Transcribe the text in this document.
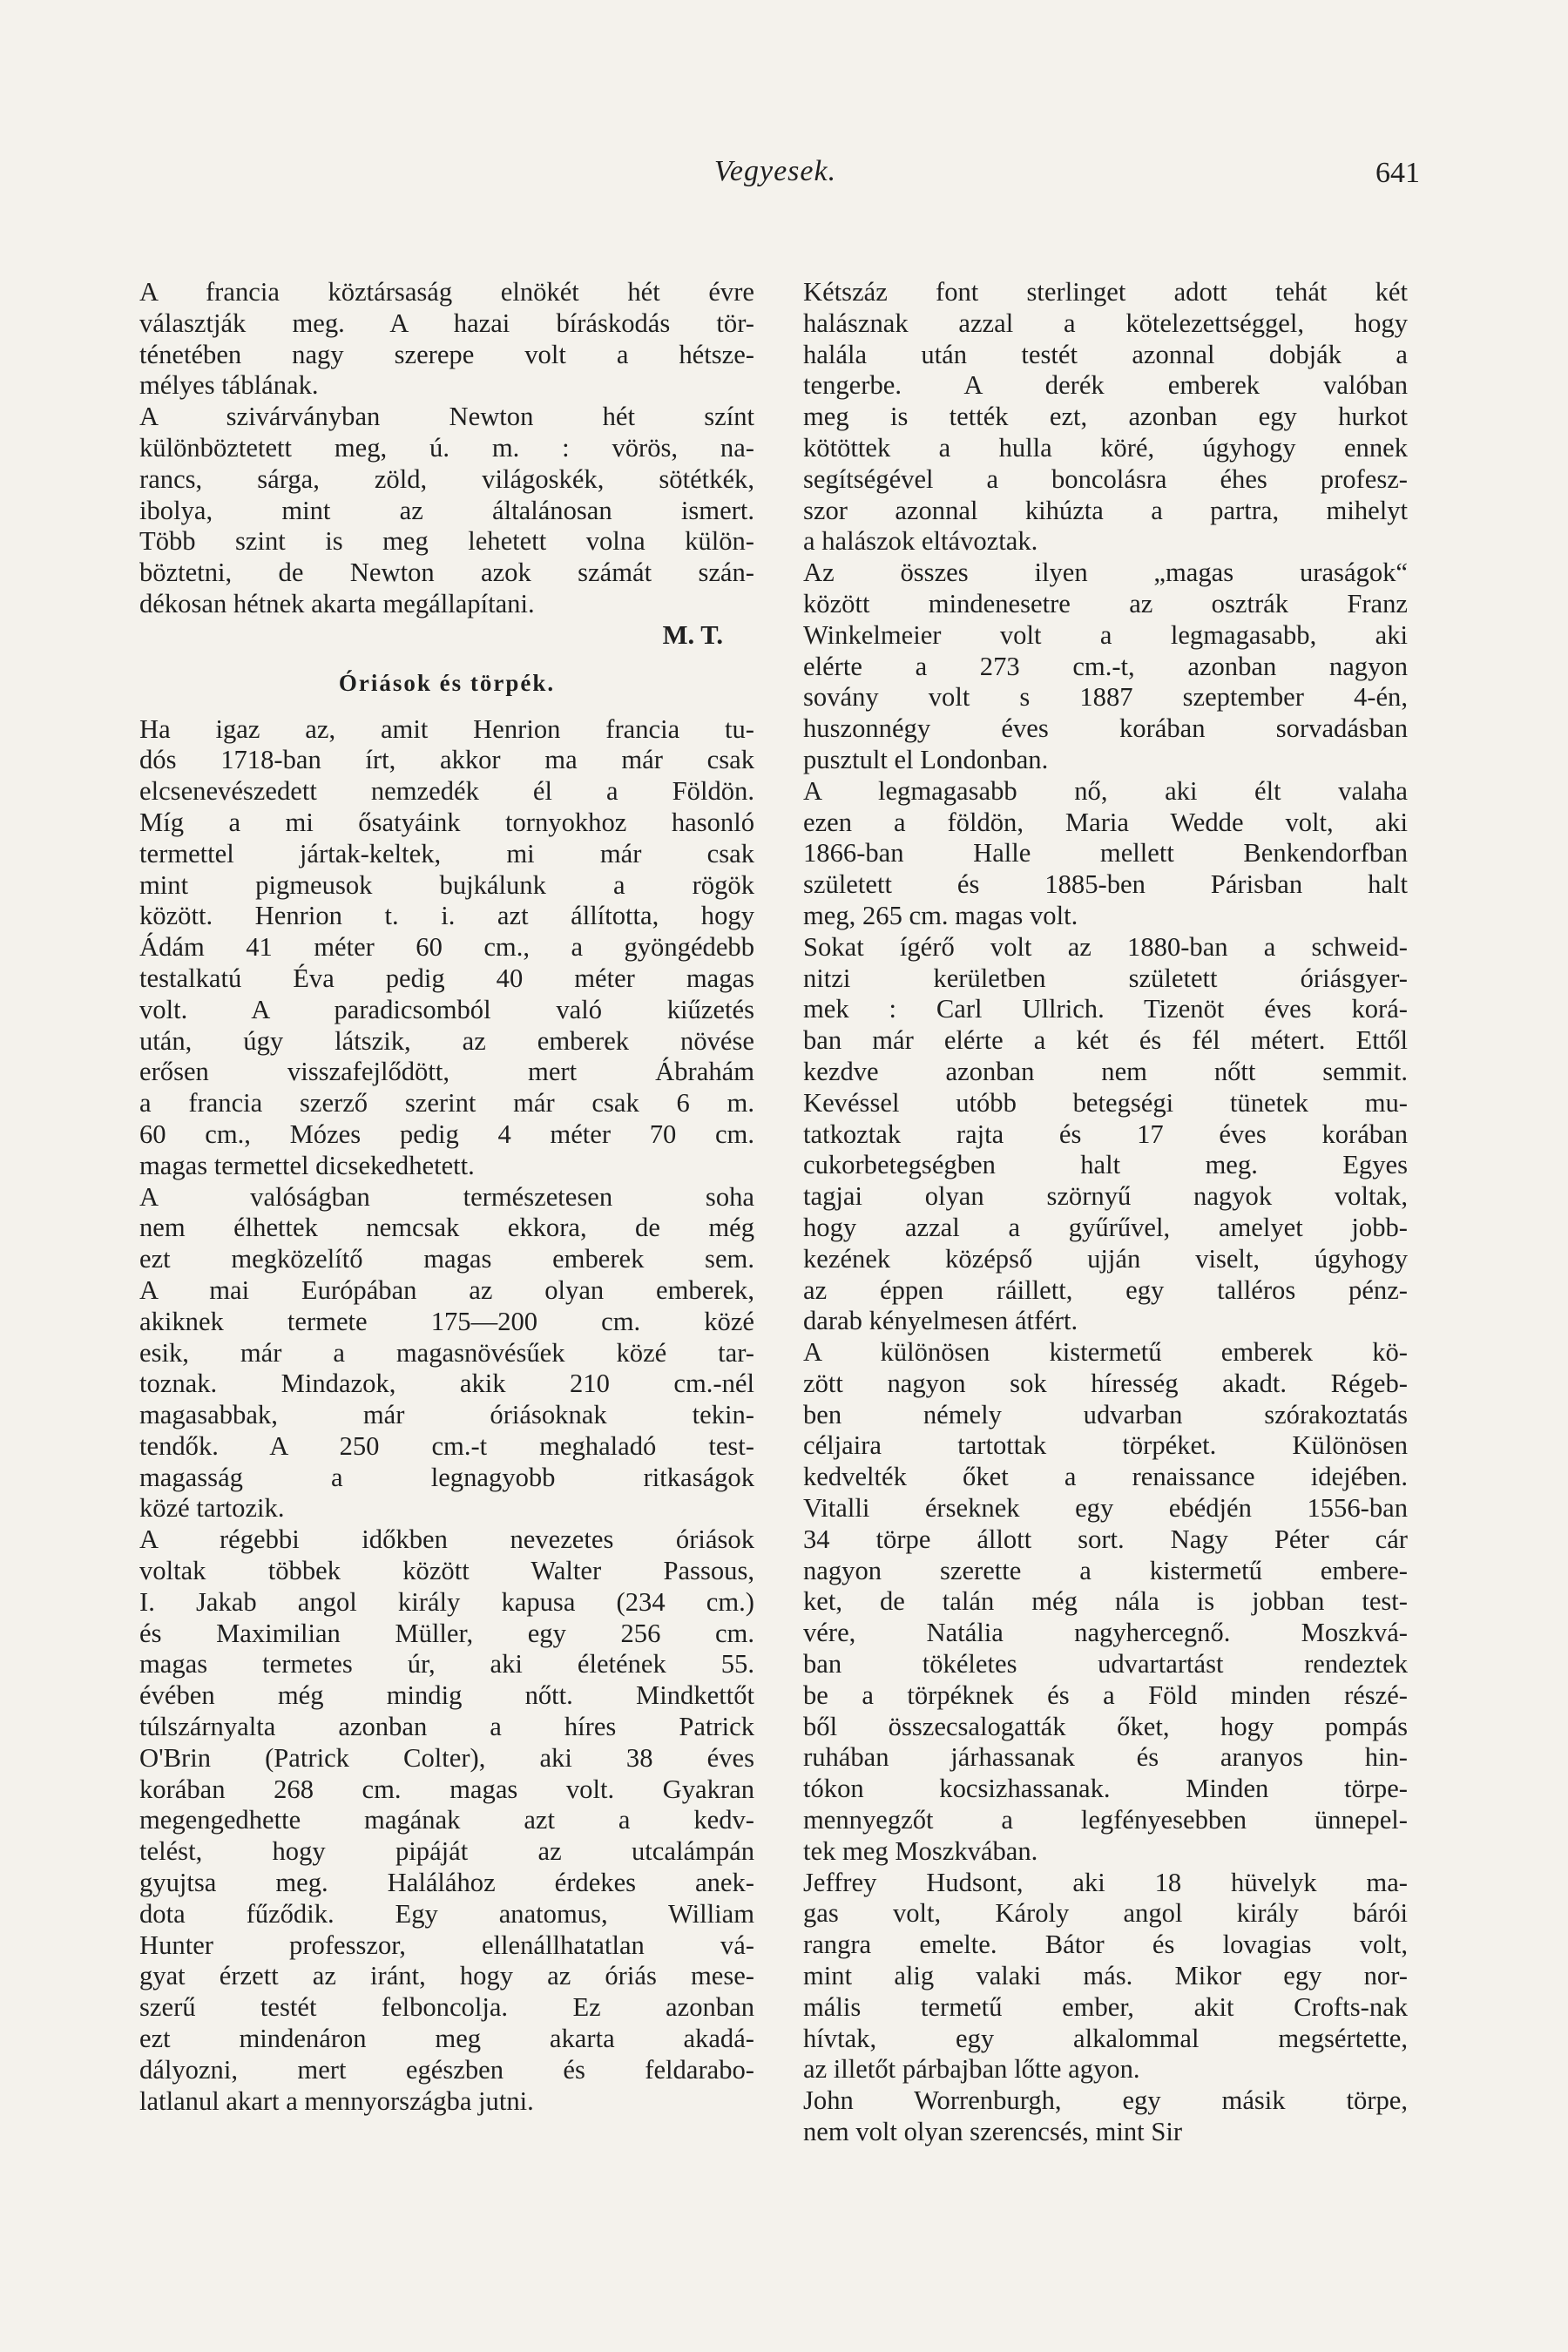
Vegyesek.	641
A francia köztársaság elnökét hét évre
választják meg. A hazai bíráskodás tör-
ténetében nagy szerepe volt a hétsze-
mélyes táblának.
A szivárványban Newton hét színt
különböztetett meg, ú. m. : vörös, na-
rancs, sárga, zöld, világoskék, sötétkék,
ibolya, mint az általánosan ismert.
Több szint is meg lehetett volna külön-
böztetni, de Newton azok számát szán-
dékosan hétnek akarta megállapítani.
M. T.
Óriások és törpék.
Ha igaz az, amit Henrion francia tu-
dós 1718-ban írt, akkor ma már csak
elcsenevészedett nemzedék él a Földön.
Míg a mi ősatyáink tornyokhoz hasonló
termettel jártak-keltek, mi már csak
mint pigmeusok bujkálunk a rögök
között. Henrion t. i. azt állította, hogy
Ádám 41 méter 60 cm., a gyöngédebb
testalkatú Éva pedig 40 méter magas
volt. A paradicsomból való kiűzetés
után, úgy látszik, az emberek növése
erősen visszafejlődött, mert Ábrahám
a francia szerző szerint már csak 6 m.
60 cm., Mózes pedig 4 méter 70 cm.
magas termettel dicsekedhetett.
A valóságban természetesen soha
nem élhettek nemcsak ekkora, de még
ezt megközelítő magas emberek sem.
A mai Európában az olyan emberek,
akiknek termete 175—200 cm. közé
esik, már a magasnövésűek közé tar-
toznak. Mindazok, akik 210 cm.-nél
magasabbak, már óriásoknak tekin-
tendők. A 250 cm.-t meghaladó test-
magasság a legnagyobb ritkaságok
közé tartozik.
A régebbi időkben nevezetes óriások
voltak többek között Walter Passous,
I. Jakab angol király kapusa (234 cm.)
és Maximilian Müller, egy 256 cm.
magas termetes úr, aki életének 55.
évében még mindig nőtt. Mindkettőt
túlszárnyalta azonban a híres Patrick
O'Brin (Patrick Colter), aki 38 éves
korában 268 cm. magas volt. Gyakran
megengedhette magának azt a kedv-
telést, hogy pipáját az utcalámpán
gyujtsa meg. Halálához érdekes anek-
dota fűződik. Egy anatomus, William
Hunter professzor, ellenállhatatlan vá-
gyat érzett az iránt, hogy az óriás mese-
szerű testét felboncolja. Ez azonban
ezt mindenáron meg akarta akadá-
dályozni, mert egészben és feldarabo-
latlanul akart a mennyországba jutni.
Kétszáz font sterlinget adott tehát két
halásznak azzal a kötelezettséggel, hogy
halála után testét azonnal dobják a
tengerbe. A derék emberek valóban
meg is tették ezt, azonban egy hurkot
kötöttek a hulla köré, úgyhogy ennek
segítségével a boncolásra éhes profesz-
szor azonnal kihúzta a partra, mihelyt
a halászok eltávoztak.
Az összes ilyen „magas uraságok“
között mindenesetre az osztrák Franz
Winkelmeier volt a legmagasabb, aki
elérte a 273 cm.-t, azonban nagyon
sovány volt s 1887 szeptember 4-én,
huszonnégy éves korában sorvadásban
pusztult el Londonban.
A legmagasabb nő, aki élt valaha
ezen a földön, Maria Wedde volt, aki
1866-ban Halle mellett Benkendorfban
született és 1885-ben Párisban halt
meg, 265 cm. magas volt.
Sokat ígérő volt az 1880-ban a schweid-
nitzi kerületben született óriásgyer-
mek : Carl Ullrich. Tizenöt éves korá-
ban már elérte a két és fél métert. Ettől
kezdve azonban nem nőtt semmit.
Kevéssel utóbb betegségi tünetek mu-
tatkoztak rajta és 17 éves korában
cukorbetegségben halt meg. Egyes
tagjai olyan szörnyű nagyok voltak,
hogy azzal a gyűrűvel, amelyet jobb-
kezének középső ujján viselt, úgyhogy
az éppen ráillett, egy talléros pénz-
darab kényelmesen átfért.
A különösen kistermetű emberek kö-
zött nagyon sok híresség akadt. Régeb-
ben némely udvarban szórakoztatás
céljaira tartottak törpéket. Különösen
kedvelték őket a renaissance idejében.
Vitalli érseknek egy ebédjén 1556-ban
34 törpe állott sort. Nagy Péter cár
nagyon szerette a kistermetű embere-
ket, de talán még nála is jobban test-
vére, Natália nagyhercegnő. Moszkvá-
ban tökéletes udvartartást rendeztek
be a törpéknek és a Föld minden részé-
ből összecsalogatták őket, hogy pompás
ruhában járhassanak és aranyos hin-
tókon kocsizhassanak. Minden törpe-
mennyegzőt a legfényesebben ünnepel-
tek meg Moszkvában.
Jeffrey Hudsont, aki 18 hüvelyk ma-
gas volt, Károly angol király bárói
rangra emelte. Bátor és lovagias volt,
mint alig valaki más. Mikor egy nor-
mális termetű ember, akit Crofts-nak
hívtak, egy alkalommal megsértette,
az illetőt párbajban lőtte agyon.
John Worrenburgh, egy másik törpe,
nem volt olyan szerencsés, mint Sir
